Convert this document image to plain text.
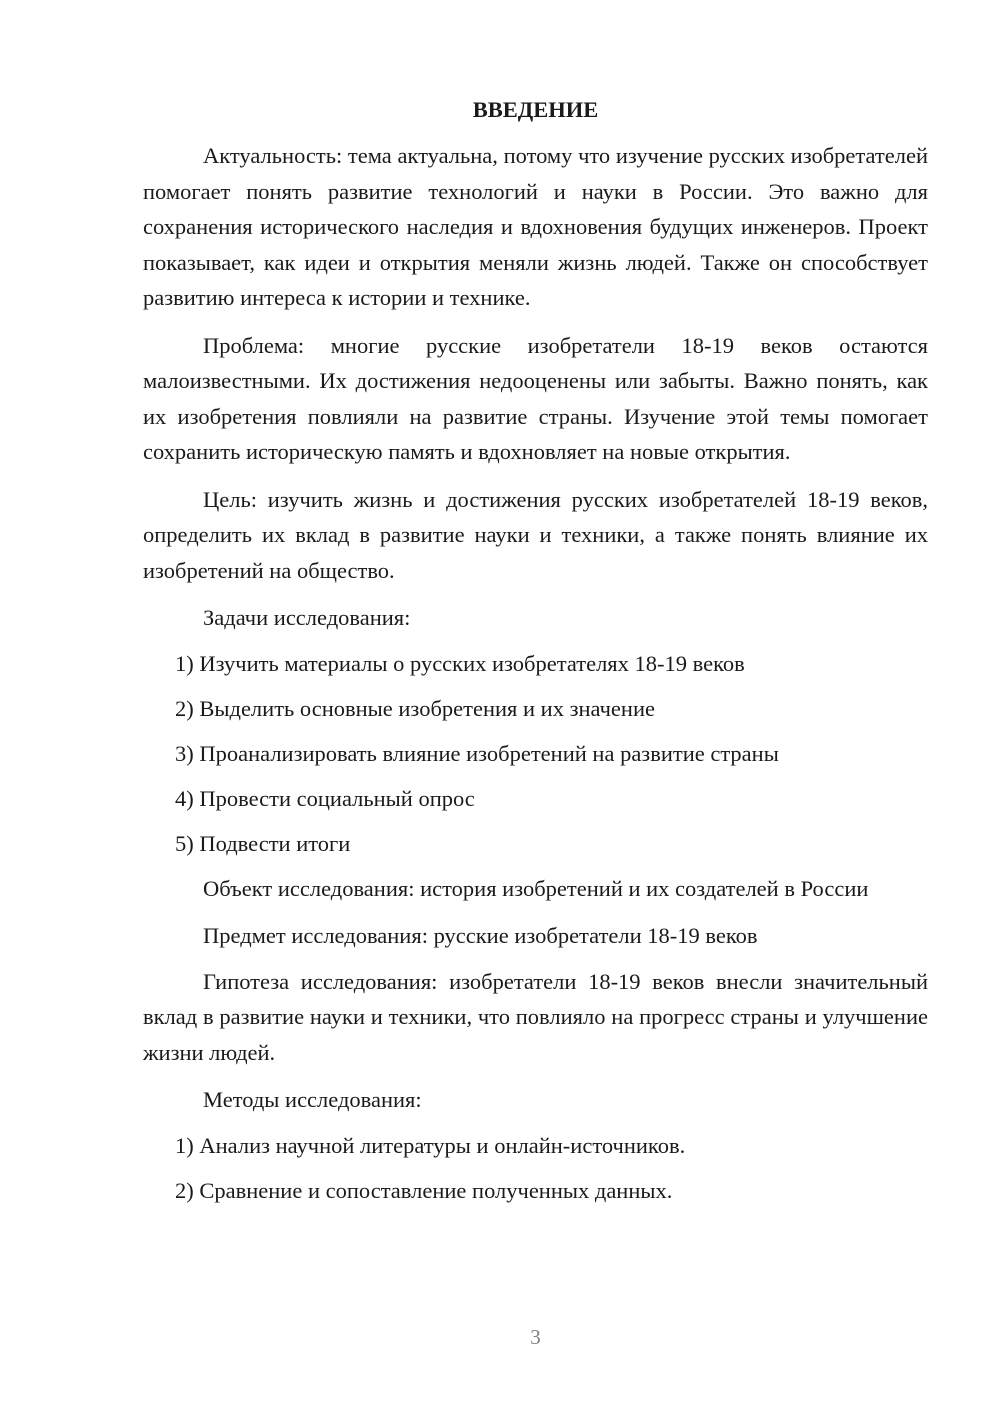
ВВЕДЕНИЕ

Актуальность: тема актуальна, потому что изучение русских изобретателей помогает понять развитие технологий и науки в России. Это важно для сохранения исторического наследия и вдохновения будущих инженеров. Проект показывает, как идеи и открытия меняли жизнь людей. Также он способствует развитию интереса к истории и технике.

Проблема: многие русские изобретатели 18-19 веков остаются малоизвестными. Их достижения недооценены или забыты. Важно понять, как их изобретения повлияли на развитие страны. Изучение этой темы помогает сохранить историческую память и вдохновляет на новые открытия.

Цель: изучить жизнь и достижения русских изобретателей 18-19 веков, определить их вклад в развитие науки и техники, а также понять влияние их изобретений на общество.

Задачи исследования:

1) Изучить материалы о русских изобретателях 18-19 веков
2) Выделить основные изобретения и их значение
3) Проанализировать влияние изобретений на развитие страны
4) Провести социальный опрос
5) Подвести итоги

Объект исследования: история изобретений и их создателей в России

Предмет исследования: русские изобретатели 18-19 веков

Гипотеза исследования: изобретатели 18-19 веков внесли значительный вклад в развитие науки и техники, что повлияло на прогресс страны и улучшение жизни людей.

Методы исследования:

1) Анализ научной литературы и онлайн-источников.
2) Сравнение и сопоставление полученных данных.
3
